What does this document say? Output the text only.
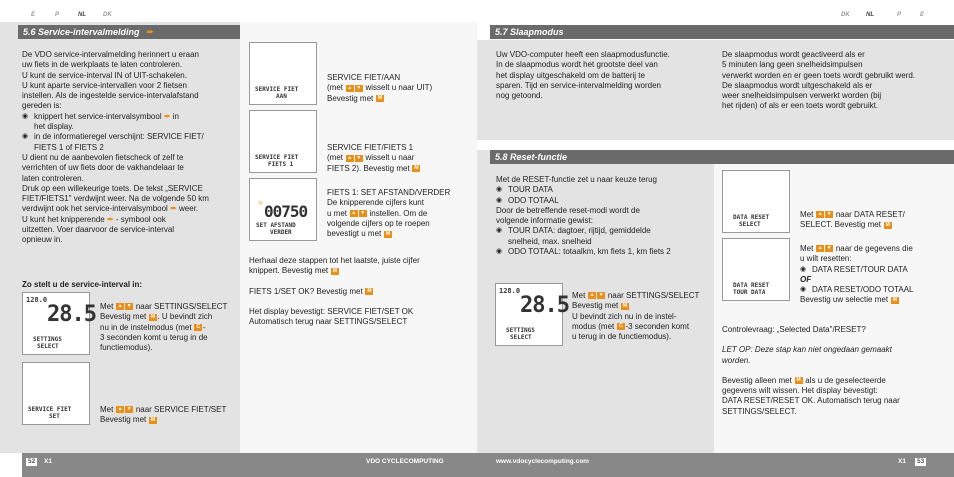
E	P	NL	DK	DK	NL	P	E
5.6 Service-intervalmelding ✒	5.7 Slaapmodus
5.8 Reset-functie

De VDO service-intervalmelding herinnert u eraan

uw fiets in de werkplaats te laten controleren.

U kunt de service-interval IN of UIT-schakelen.

U kunt aparte service-intervallen voor 2 fietsen

instellen. Als de ingestelde service-intervalafstand

gereden is:

◉ knippert het service-intervalsymbool ✒ in
het display.

◉ in de informatieregel verschijnt: SERVICE FIET/
FIETS 1 of FIETS 2

U dient nu de aanbevolen fietscheck of zelf te

verrichten of uw fiets door de vakhandelaar te

laten controleren.

Druk op een willekeurige toets. De tekst „SERVICE

FIET/FIETS1" verdwijnt weer. Na de volgende 50 km

verdwijnt ook het service-intervalsymbool ✒ weer.

U kunt het knipperende ✒ - symbool ook

uitzetten. Voer daarvoor de service-interval

opnieuw in.

Zo stelt u de service-interval in:
128.0
28.5
SETTINGS
SELECT

Met ▲ ▼ naar SETTINGS/SELECT

Bevestig met M . U bevindt zich

nu in de instelmodus (met C -

3 seconden komt u terug in de

functiemodus).

SERVICE FIET
SET

Met ▲ ▼ naar SERVICE FIET/SET

Bevestig met M

SERVICE FIET
AAN

SERVICE FIET/AAN

(met ▲ ▼ wisselt u naar UIT)

Bevestig met M

SERVICE FIET
FIETS 1

SERVICE FIET/FIETS 1

(met ▲ ▼ wisselt u naar

FIETS 2). Bevestig met M

☼ 00750
SET AFSTAND
VERDER

FIETS 1: SET AFSTAND/VERDER

De knipperende cijfers kunt

u met ▲ ▼ instellen. Om de

volgende cijfers op te roepen

bevestigt u met M

Herhaal deze stappen tot het laatste, juiste cijfer

knippert. Bevestig met M

FIETS 1/SET OK? Bevestig met M

Het display bevestigt: SERVICE FIET/SET OK

Automatisch terug naar SETTINGS/SELECT

Uw VDO-computer heeft een slaapmodusfunctie.

In de slaapmodus wordt het grootste deel van

het display uitgeschakeld om de batterij te

sparen. Tijd en service-intervalmelding worden

nog getoond.

De slaapmodus wordt geactiveerd als er

5 minuten lang geen snelheidsimpulsen

verwerkt worden en er geen toets wordt gebruikt werd.

De slaapmodus wordt uitgeschakeld als er

weer snelheidsimpulsen verwerkt worden (bij

het rijden) of als er een toets wordt gebruikt.

Met de RESET-functie zet u naar keuze terug

◉ TOUR DATA

◉ ODO TOTAAL

Door de betreffende reset-modi wordt de

volgende informatie gewist:

◉ TOUR DATA: dagtoer, rijtijd, gemiddelde
snelheid, max. snelheid

◉ ODO TOTAAL: totaalkm, km fiets 1, km fiets 2

128.0
28.5
SETTINGS
SELECT

Met ▲ ▼ naar SETTINGS/SELECT

Bevestig met M

U bevindt zich nu in de instel-

modus (met C -3 seconden komt

u terug in de functiemodus).

DATA RESET
SELECT

Met ▲ ▼ naar DATA RESET/

SELECT. Bevestig met M

DATA RESET
TOUR DATA

Met ▲ ▼ naar de gegevens die

u wilt resetten:

◉ DATA RESET/TOUR DATA

OF

◉ DATA RESET/ODO TOTAAL

Bevestig uw selectie met M

Controlevraag: „Selected Data"/RESET?

LET OP: Deze stap kan niet ongedaan gemaakt

worden.

Bevestig alleen met M als u de geselecteerde

gegevens wilt wissen. Het display bevestigt:

DATA RESET/RESET OK. Automatisch terug naar

SETTINGS/SELECT.

52	X1	VDO CYCLECOMPUTING	www.vdocyclecomputing.com	X1	53
